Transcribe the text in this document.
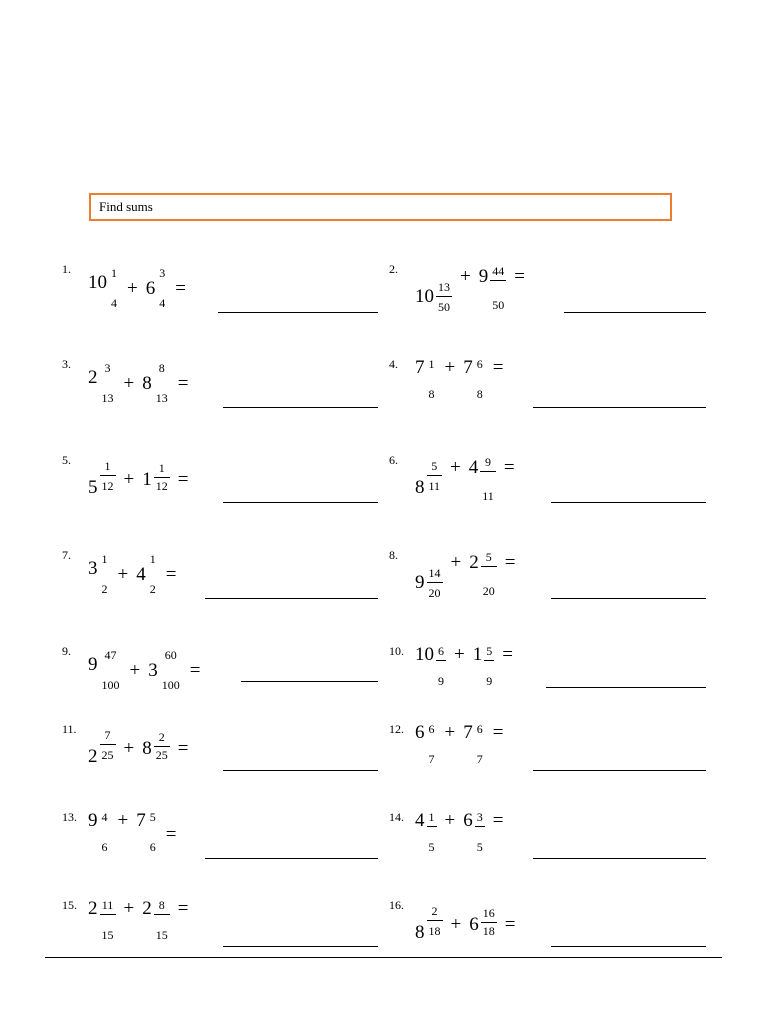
Find sums
1.
10 1
4
+ 6
3
4
=
2.
10 13
50
+ 9 44
50
=
3.
2 3
13
+ 8
8
13
=
4. 7 1
8
+ 7 6
8
=
5.
5
1
12 + 1
1
12 =
6.
8
5
11
+ 4 9
11
=
7.
3 1
2
+ 4
1
2
=
8.
9 14
20
+ 2 5
20
=
9.
9 47
100
+ 3
60
100
=
10. 10 6
9
+ 1 5
9
=
11.
2
7
25 + 8
2
25 =
12. 6 6
7
+ 7 6
7
=
13. 9 4
6
+ 7 5
6
=
14. 4 1
5
+ 6 3
5
=
15. 2 11
15
+ 2 8
15
=	16.
8
2
18 + 6
16
18 =
